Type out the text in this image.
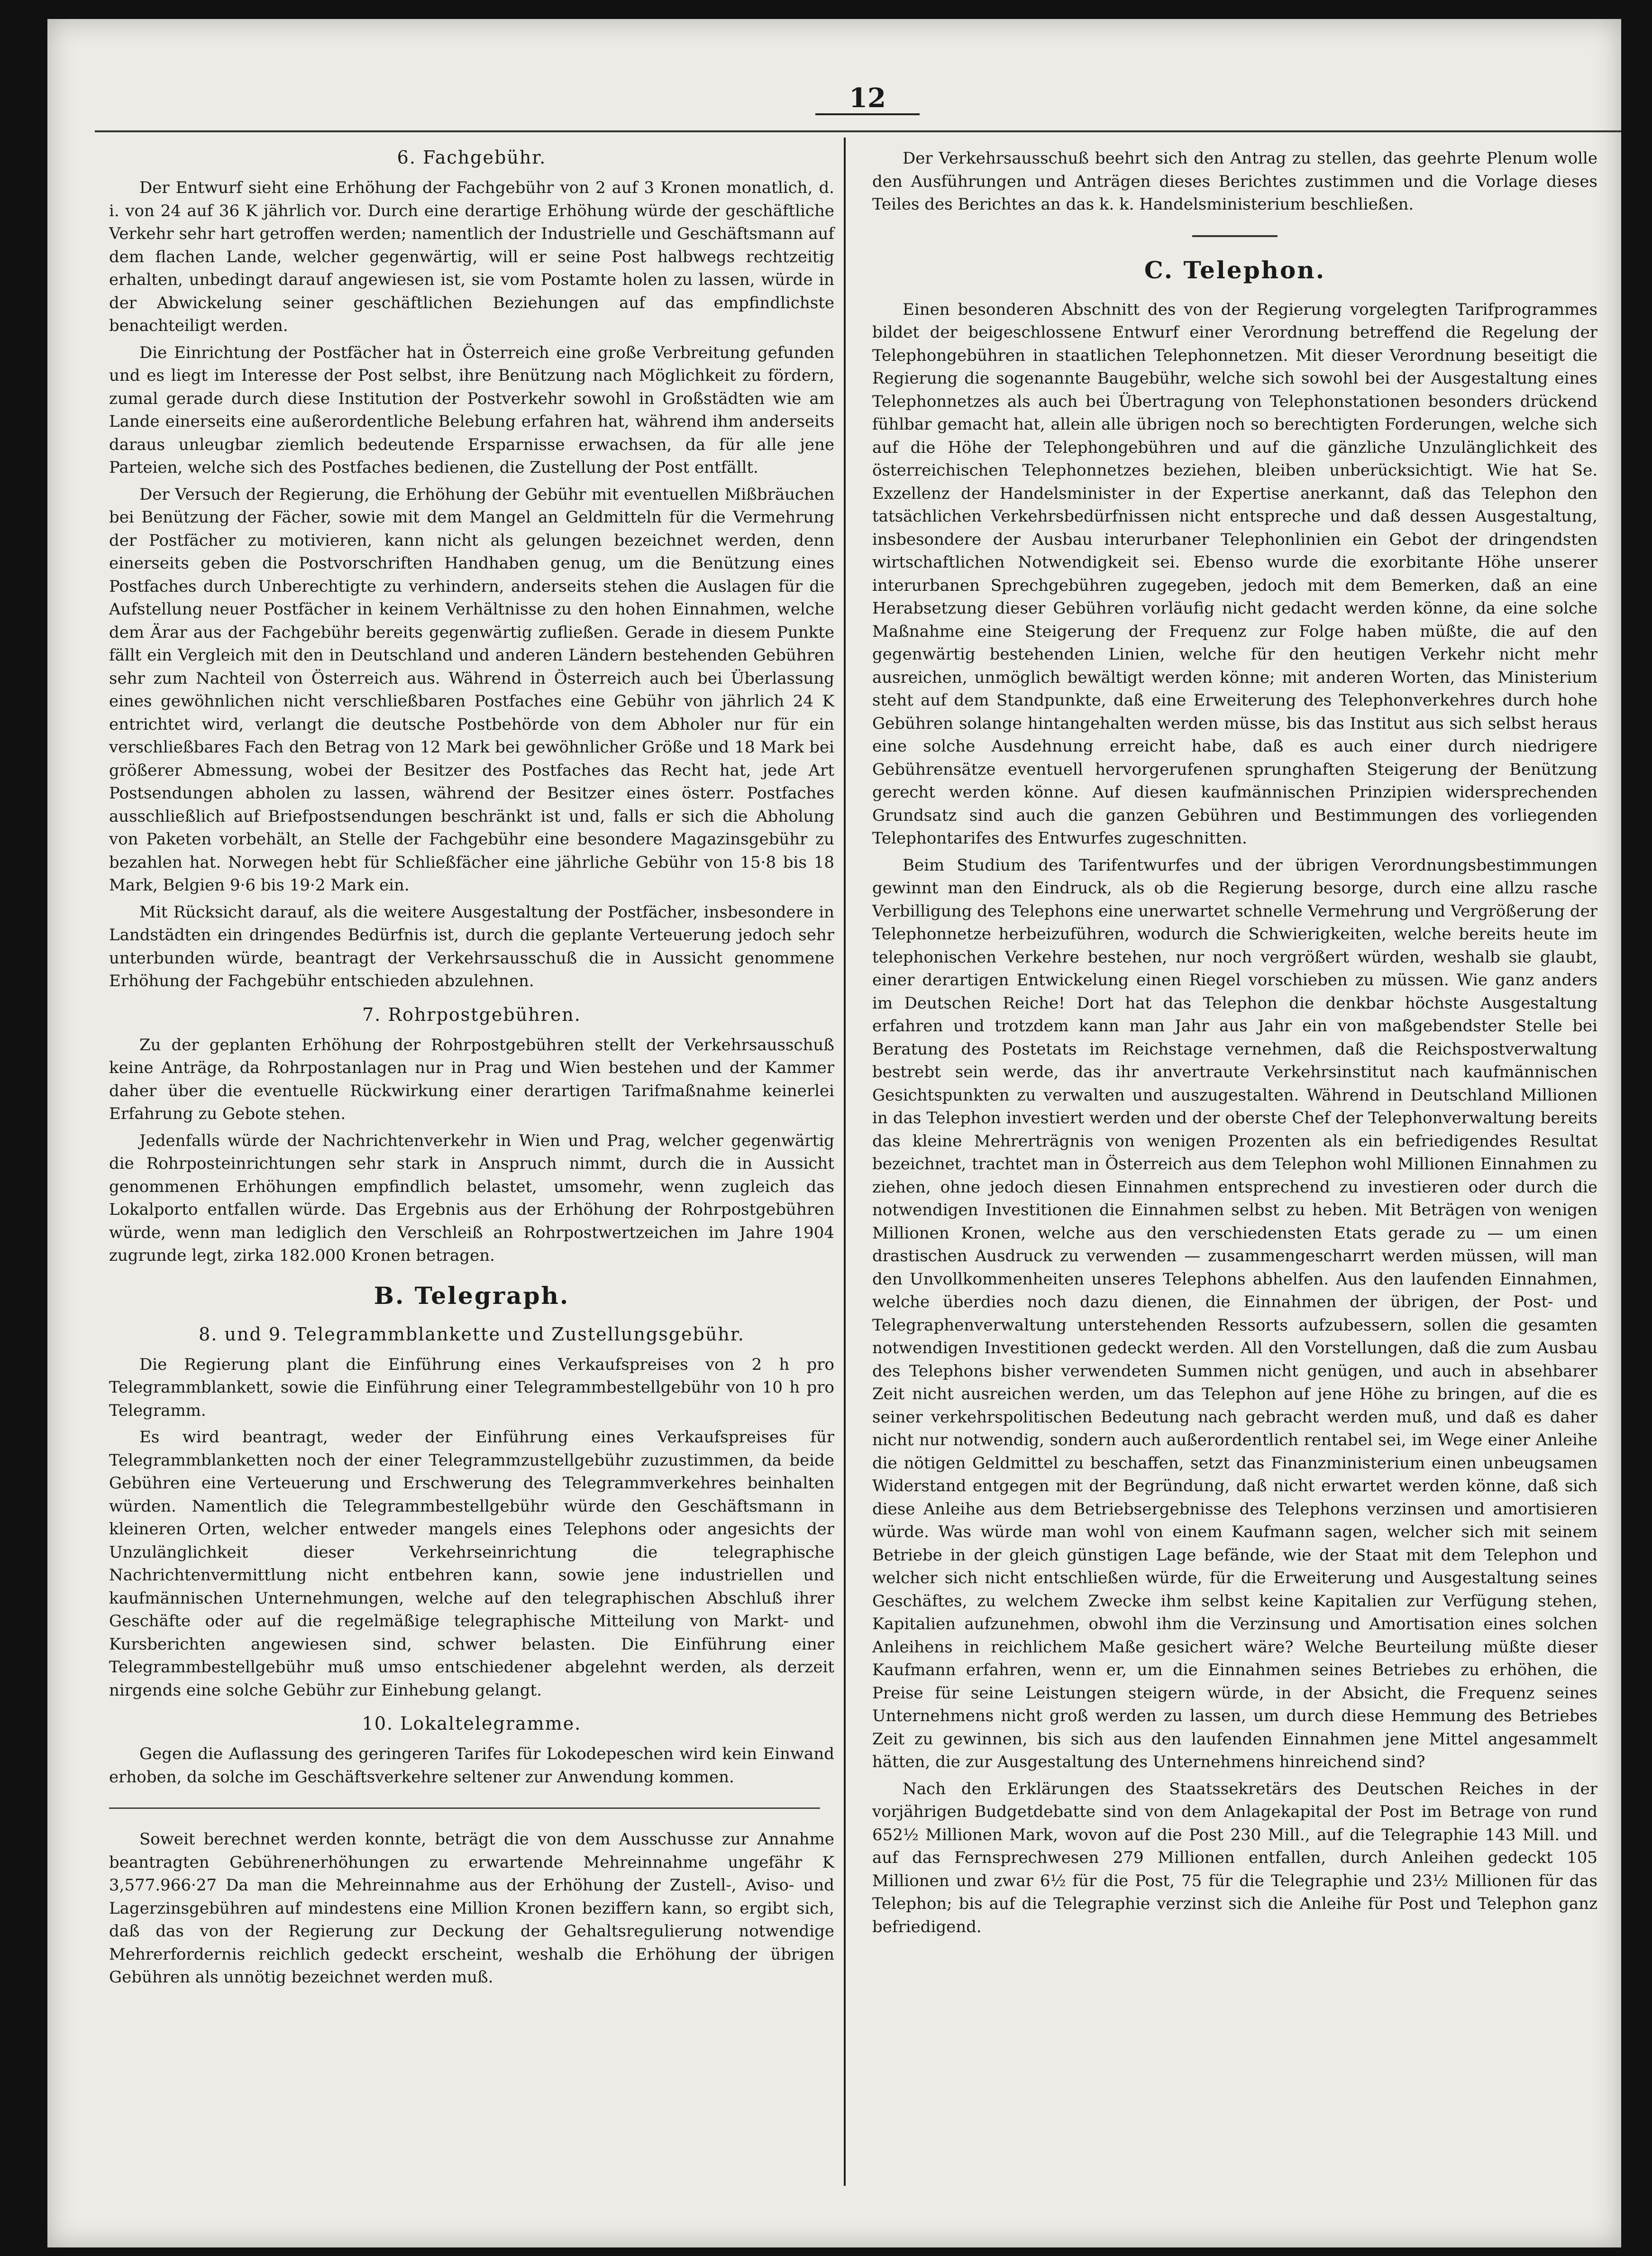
12
6. Fachgebühr.

Der Entwurf sieht eine Erhöhung der Fachgebühr von 2 auf 3 Kronen monatlich, d. i. von 24 auf 36 K jährlich vor. Durch eine derartige Erhöhung würde der geschäftliche Verkehr sehr hart getroffen werden; namentlich der Industrielle und Geschäftsmann auf dem flachen Lande, welcher gegenwärtig, will er seine Post halbwegs rechtzeitig erhalten, unbedingt darauf angewiesen ist, sie vom Postamte holen zu lassen, würde in der Abwickelung seiner geschäftlichen Beziehungen auf das empfindlichste benachteiligt werden.

Die Einrichtung der Postfächer hat in Österreich eine große Verbreitung gefunden und es liegt im Interesse der Post selbst, ihre Benützung nach Möglichkeit zu fördern, zumal gerade durch diese Institution der Postverkehr sowohl in Großstädten wie am Lande einerseits eine außerordentliche Belebung erfahren hat, während ihm anderseits daraus unleugbar ziemlich bedeutende Ersparnisse erwachsen, da für alle jene Parteien, welche sich des Postfaches bedienen, die Zustellung der Post entfällt.

Der Versuch der Regierung, die Erhöhung der Gebühr mit eventuellen Mißbräuchen bei Benützung der Fächer, sowie mit dem Mangel an Geldmitteln für die Vermehrung der Postfächer zu motivieren, kann nicht als gelungen bezeichnet werden, denn einerseits geben die Postvorschriften Handhaben genug, um die Benützung eines Postfaches durch Unberechtigte zu verhindern, anderseits stehen die Auslagen für die Aufstellung neuer Postfächer in keinem Verhältnisse zu den hohen Einnahmen, welche dem Ärar aus der Fachgebühr bereits gegenwärtig zufließen. Gerade in diesem Punkte fällt ein Vergleich mit den in Deutschland und anderen Ländern bestehenden Gebühren sehr zum Nachteil von Österreich aus. Während in Österreich auch bei Überlassung eines gewöhnlichen nicht verschließbaren Postfaches eine Gebühr von jährlich 24 K entrichtet wird, verlangt die deutsche Postbehörde von dem Abholer nur für ein verschließbares Fach den Betrag von 12 Mark bei gewöhnlicher Größe und 18 Mark bei größerer Abmessung, wobei der Besitzer des Postfaches das Recht hat, jede Art Postsendungen abholen zu lassen, während der Besitzer eines österr. Postfaches ausschließlich auf Briefpostsendungen beschränkt ist und, falls er sich die Abholung von Paketen vorbehält, an Stelle der Fachgebühr eine besondere Magazinsgebühr zu bezahlen hat. Norwegen hebt für Schließfächer eine jährliche Gebühr von 15·8 bis 18 Mark, Belgien 9·6 bis 19·2 Mark ein.

Mit Rücksicht darauf, als die weitere Ausgestaltung der Postfächer, insbesondere in Landstädten ein dringendes Bedürfnis ist, durch die geplante Verteuerung jedoch sehr unterbunden würde, beantragt der Verkehrsausschuß die in Aussicht genommene Erhöhung der Fachgebühr entschieden abzulehnen.

7. Rohrpostgebühren.

Zu der geplanten Erhöhung der Rohrpostgebühren stellt der Verkehrsausschuß keine Anträge, da Rohrpostanlagen nur in Prag und Wien bestehen und der Kammer daher über die eventuelle Rückwirkung einer derartigen Tarifmaßnahme keinerlei Erfahrung zu Gebote stehen.

Jedenfalls würde der Nachrichtenverkehr in Wien und Prag, welcher gegenwärtig die Rohrposteinrichtungen sehr stark in Anspruch nimmt, durch die in Aussicht genommenen Erhöhungen empfindlich belastet, umsomehr, wenn zugleich das Lokalporto entfallen würde. Das Ergebnis aus der Erhöhung der Rohrpostgebühren würde, wenn man lediglich den Verschleiß an Rohrpostwertzeichen im Jahre 1904 zugrunde legt, zirka 182.000 Kronen betragen.

B. Telegraph.
8. und 9. Telegrammblankette und Zustellungsgebühr.

Die Regierung plant die Einführung eines Verkaufspreises von 2 h pro Telegrammblankett, sowie die Einführung einer Telegrammbestellgebühr von 10 h pro Telegramm.

Es wird beantragt, weder der Einführung eines Verkaufspreises für Telegrammblanketten noch der einer Telegrammzustellgebühr zuzustimmen, da beide Gebühren eine Verteuerung und Erschwerung des Telegrammverkehres beinhalten würden. Namentlich die Telegrammbestellgebühr würde den Geschäftsmann in kleineren Orten, welcher entweder mangels eines Telephons oder angesichts der Unzulänglichkeit dieser Verkehrseinrichtung die telegraphische Nachrichtenvermittlung nicht entbehren kann, sowie jene industriellen und kaufmännischen Unternehmungen, welche auf den telegraphischen Abschluß ihrer Geschäfte oder auf die regelmäßige telegraphische Mitteilung von Markt- und Kursberichten angewiesen sind, schwer belasten. Die Einführung einer Telegrammbestellgebühr muß umso entschiedener abgelehnt werden, als derzeit nirgends eine solche Gebühr zur Einhebung gelangt.

10. Lokaltelegramme.

Gegen die Auflassung des geringeren Tarifes für Lokodepeschen wird kein Einwand erhoben, da solche im Geschäftsverkehre seltener zur Anwendung kommen.

Soweit berechnet werden konnte, beträgt die von dem Ausschusse zur Annahme beantragten Gebührenerhöhungen zu erwartende Mehreinnahme ungefähr K 3,577.966·27 Da man die Mehreinnahme aus der Erhöhung der Zustell-, Aviso- und Lagerzinsgebühren auf mindestens eine Million Kronen beziffern kann, so ergibt sich, daß das von der Regierung zur Deckung der Gehaltsregulierung notwendige Mehrerfordernis reichlich gedeckt erscheint, weshalb die Erhöhung der übrigen Gebühren als unnötig bezeichnet werden muß.

Der Verkehrsausschuß beehrt sich den Antrag zu stellen, das geehrte Plenum wolle den Ausführungen und Anträgen dieses Berichtes zustimmen und die Vorlage dieses Teiles des Berichtes an das k. k. Handelsministerium beschließen.

C. Telephon.

Einen besonderen Abschnitt des von der Regierung vorgelegten Tarifprogrammes bildet der beigeschlossene Entwurf einer Verordnung betreffend die Regelung der Telephongebühren in staatlichen Telephonnetzen. Mit dieser Verordnung beseitigt die Regierung die sogenannte Baugebühr, welche sich sowohl bei der Ausgestaltung eines Telephonnetzes als auch bei Übertragung von Telephonstationen besonders drückend fühlbar gemacht hat, allein alle übrigen noch so berechtigten Forderungen, welche sich auf die Höhe der Telephongebühren und auf die gänzliche Unzulänglichkeit des österreichischen Telephonnetzes beziehen, bleiben unberücksichtigt. Wie hat Se. Exzellenz der Handelsminister in der Expertise anerkannt, daß das Telephon den tatsächlichen Verkehrsbedürfnissen nicht entspreche und daß dessen Ausgestaltung, insbesondere der Ausbau interurbaner Telephonlinien ein Gebot der dringendsten wirtschaftlichen Notwendigkeit sei. Ebenso wurde die exorbitante Höhe unserer interurbanen Sprechgebühren zugegeben, jedoch mit dem Bemerken, daß an eine Herabsetzung dieser Gebühren vorläufig nicht gedacht werden könne, da eine solche Maßnahme eine Steigerung der Frequenz zur Folge haben müßte, die auf den gegenwärtig bestehenden Linien, welche für den heutigen Verkehr nicht mehr ausreichen, unmöglich bewältigt werden könne; mit anderen Worten, das Ministerium steht auf dem Standpunkte, daß eine Erweiterung des Telephonverkehres durch hohe Gebühren solange hintangehalten werden müsse, bis das Institut aus sich selbst heraus eine solche Ausdehnung erreicht habe, daß es auch einer durch niedrigere Gebührensätze eventuell hervorgerufenen sprunghaften Steigerung der Benützung gerecht werden könne. Auf diesen kaufmännischen Prinzipien widersprechenden Grundsatz sind auch die ganzen Gebühren und Bestimmungen des vorliegenden Telephontarifes des Entwurfes zugeschnitten.

Beim Studium des Tarifentwurfes und der übrigen Verordnungsbestimmungen gewinnt man den Eindruck, als ob die Regierung besorge, durch eine allzu rasche Verbilligung des Telephons eine unerwartet schnelle Vermehrung und Vergrößerung der Telephonnetze herbeizuführen, wodurch die Schwierigkeiten, welche bereits heute im telephonischen Verkehre bestehen, nur noch vergrößert würden, weshalb sie glaubt, einer derartigen Entwickelung einen Riegel vorschieben zu müssen. Wie ganz anders im Deutschen Reiche! Dort hat das Telephon die denkbar höchste Ausgestaltung erfahren und trotzdem kann man Jahr aus Jahr ein von maßgebendster Stelle bei Beratung des Postetats im Reichstage vernehmen, daß die Reichspostverwaltung bestrebt sein werde, das ihr anvertraute Verkehrsinstitut nach kaufmännischen Gesichtspunkten zu verwalten und auszugestalten. Während in Deutschland Millionen in das Telephon investiert werden und der oberste Chef der Telephonverwaltung bereits das kleine Mehrerträgnis von wenigen Prozenten als ein befriedigendes Resultat bezeichnet, trachtet man in Österreich aus dem Telephon wohl Millionen Einnahmen zu ziehen, ohne jedoch diesen Einnahmen entsprechend zu investieren oder durch die notwendigen Investitionen die Einnahmen selbst zu heben. Mit Beträgen von wenigen Millionen Kronen, welche aus den verschiedensten Etats gerade zu — um einen drastischen Ausdruck zu verwenden — zusammengescharrt werden müssen, will man den Unvollkommenheiten unseres Telephons abhelfen. Aus den laufenden Einnahmen, welche überdies noch dazu dienen, die Einnahmen der übrigen, der Post- und Telegraphenverwaltung unterstehenden Ressorts aufzubessern, sollen die gesamten notwendigen Investitionen gedeckt werden. All den Vorstellungen, daß die zum Ausbau des Telephons bisher verwendeten Summen nicht genügen, und auch in absehbarer Zeit nicht ausreichen werden, um das Telephon auf jene Höhe zu bringen, auf die es seiner verkehrspolitischen Bedeutung nach gebracht werden muß, und daß es daher nicht nur notwendig, sondern auch außerordentlich rentabel sei, im Wege einer Anleihe die nötigen Geldmittel zu beschaffen, setzt das Finanzministerium einen unbeugsamen Widerstand entgegen mit der Begründung, daß nicht erwartet werden könne, daß sich diese Anleihe aus dem Betriebsergebnisse des Telephons verzinsen und amortisieren würde. Was würde man wohl von einem Kaufmann sagen, welcher sich mit seinem Betriebe in der gleich günstigen Lage befände, wie der Staat mit dem Telephon und welcher sich nicht entschließen würde, für die Erweiterung und Ausgestaltung seines Geschäftes, zu welchem Zwecke ihm selbst keine Kapitalien zur Verfügung stehen, Kapitalien aufzunehmen, obwohl ihm die Verzinsung und Amortisation eines solchen Anleihens in reichlichem Maße gesichert wäre? Welche Beurteilung müßte dieser Kaufmann erfahren, wenn er, um die Einnahmen seines Betriebes zu erhöhen, die Preise für seine Leistungen steigern würde, in der Absicht, die Frequenz seines Unternehmens nicht groß werden zu lassen, um durch diese Hemmung des Betriebes Zeit zu gewinnen, bis sich aus den laufenden Einnahmen jene Mittel angesammelt hätten, die zur Ausgestaltung des Unternehmens hinreichend sind?

Nach den Erklärungen des Staatssekretärs des Deutschen Reiches in der vorjährigen Budgetdebatte sind von dem Anlagekapital der Post im Betrage von rund 652½ Millionen Mark, wovon auf die Post 230 Mill., auf die Telegraphie 143 Mill. und auf das Fernsprechwesen 279 Millionen entfallen, durch Anleihen gedeckt 105 Millionen und zwar 6½ für die Post, 75 für die Telegraphie und 23½ Millionen für das Telephon; bis auf die Telegraphie verzinst sich die Anleihe für Post und Telephon ganz befriedigend.
